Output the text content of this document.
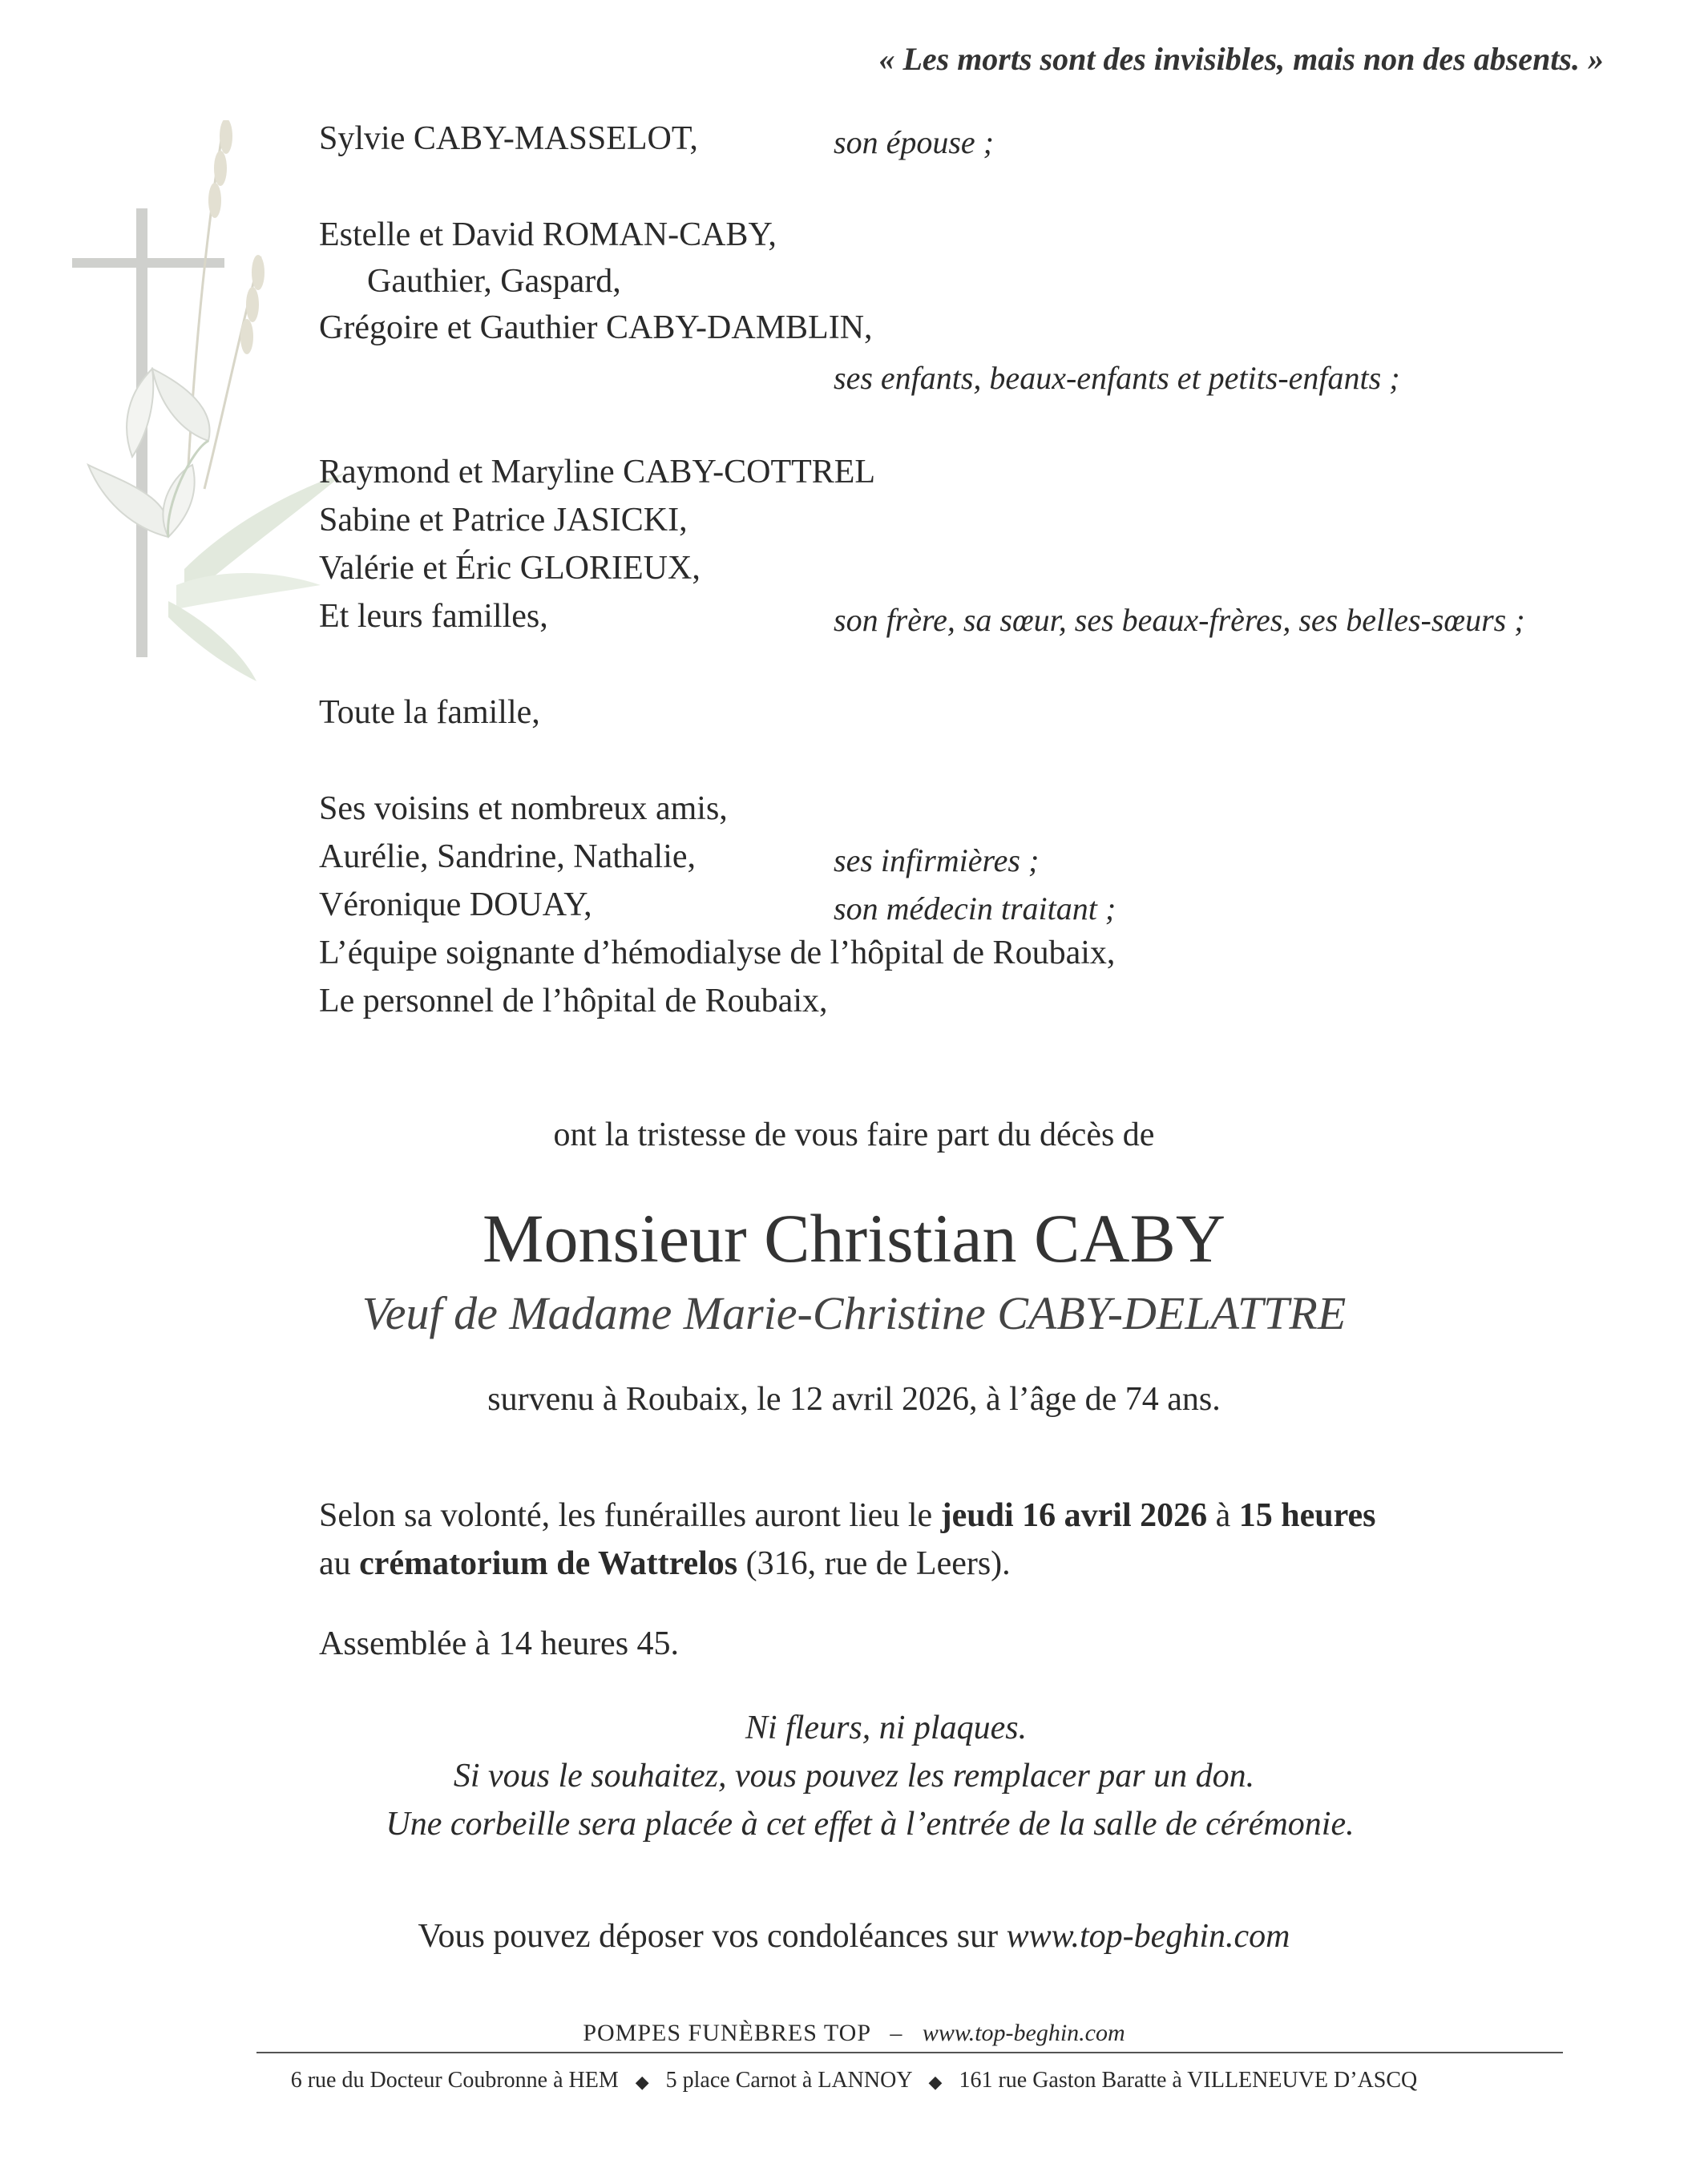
« Les morts sont des invisibles, mais non des absents. »
Sylvie CABY-MASSELOT,	son épouse ;
Estelle et David ROMAN-CABY,
Gauthier, Gaspard,
Grégoire et Gauthier CABY-DAMBLIN,
ses enfants, beaux-enfants et petits-enfants ;
Raymond et Maryline CABY-COTTREL
Sabine et Patrice JASICKI,
Valérie et Éric GLORIEUX,
Et leurs familles,	son frère, sa sœur, ses beaux-frères, ses belles-sœurs ;
Toute la famille,
Ses voisins et nombreux amis,
Aurélie, Sandrine, Nathalie,	ses infirmières ;
Véronique DOUAY,	son médecin traitant ;
L’équipe soignante d’hémodialyse de l’hôpital de Roubaix,
Le personnel de l’hôpital de Roubaix,
ont la tristesse de vous faire part du décès de
Monsieur Christian CABY
Veuf de Madame Marie-Christine CABY-DELATTRE
survenu à Roubaix, le 12 avril 2026, à l’âge de 74 ans.
Selon sa volonté, les funérailles auront lieu le jeudi 16 avril 2026 à 15 heures
au crématorium de Wattrelos (316, rue de Leers).
Assemblée à 14 heures 45.
Ni fleurs, ni plaques.
Si vous le souhaitez, vous pouvez les remplacer par un don.
Une corbeille sera placée à cet effet à l’entrée de la salle de cérémonie.
Vous pouvez déposer vos condoléances sur www.top-beghin.com
POMPES FUNÈBRES TOP – www.top-beghin.com
6 rue du Docteur Coubronne à HEM ◆ 5 place Carnot à LANNOY ◆ 161 rue Gaston Baratte à VILLENEUVE D’ASCQ
